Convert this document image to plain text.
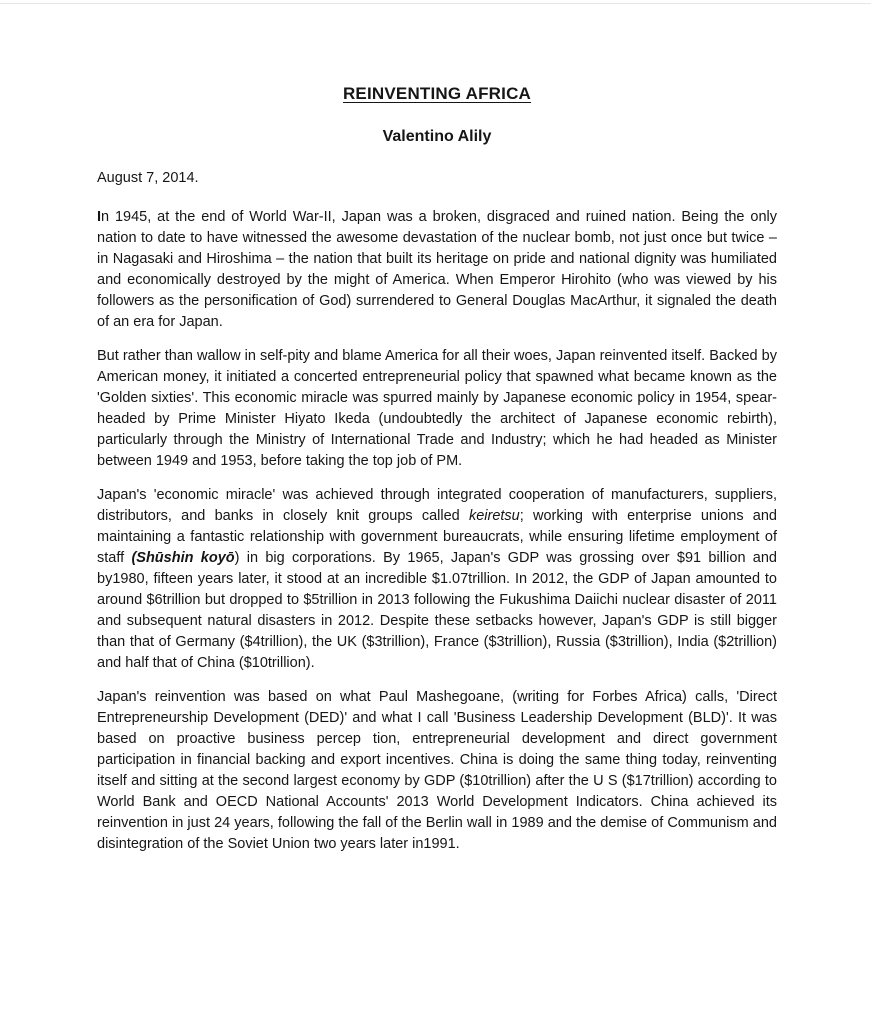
REINVENTING AFRICA
Valentino Alily

August 7, 2014.

In 1945, at the end of World War-II, Japan was a broken, disgraced and ruined nation. Being the only nation to date to have witnessed the awesome devastation of the nuclear bomb, not just once but twice – in Nagasaki and Hiroshima – the nation that built its heritage on pride and national dignity was humiliated and economically destroyed by the might of America. When Emperor Hirohito (who was viewed by his followers as the personification of God) surrendered to General Douglas MacArthur, it signaled the death of an era for Japan.

But rather than wallow in self-pity and blame America for all their woes, Japan reinvented itself. Backed by American money, it initiated a concerted entrepreneurial policy that spawned what became known as the 'Golden sixties'. This economic miracle was spurred mainly by Japanese economic policy in 1954, spear-headed by Prime Minister Hiyato Ikeda (undoubtedly the architect of Japanese economic rebirth), particularly through the Ministry of International Trade and Industry; which he had headed as Minister between 1949 and 1953, before taking the top job of PM.

Japan's 'economic miracle' was achieved through integrated cooperation of manufacturers, suppliers, distributors, and banks in closely knit groups called keiretsu; working with enterprise unions and maintaining a fantastic relationship with government bureaucrats, while ensuring lifetime employment of staff (Shūshin koyō) in big corporations. By 1965, Japan's GDP was grossing over $91 billion and by1980, fifteen years later, it stood at an incredible $1.07trillion. In 2012, the GDP of Japan amounted to around $6trillion but dropped to $5trillion in 2013 following the Fukushima Daiichi nuclear disaster of 2011 and subsequent natural disasters in 2012. Despite these setbacks however, Japan's GDP is still bigger than that of Germany ($4trillion), the UK ($3trillion), France ($3trillion), Russia ($3trillion), India ($2trillion) and half that of China ($10trillion).

Japan's reinvention was based on what Paul Mashegoane, (writing for Forbes Africa) calls, 'Direct Entrepreneurship Development (DED)' and what I call 'Business Leadership Development (BLD)'. It was based on proactive business percep tion, entrepreneurial development and direct government participation in financial backing and export incentives. China is doing the same thing today, reinventing itself and sitting at the second largest economy by GDP ($10trillion) after the U S ($17trillion) according to World Bank and OECD National Accounts' 2013 World Development Indicators. China achieved its reinvention in just 24 years, following the fall of the Berlin wall in 1989 and the demise of Communism and disintegration of the Soviet Union two years later in1991.
